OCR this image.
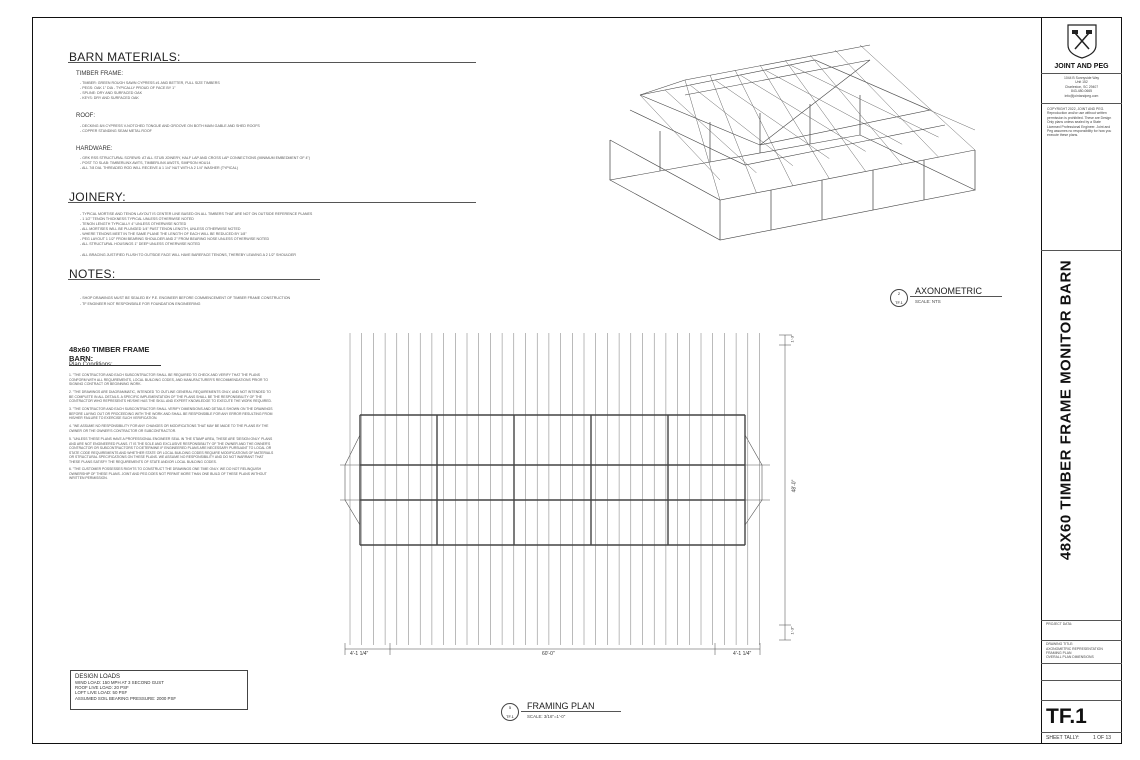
BARN MATERIALS:
TIMBER FRAME:
- TIMBER: GREEN ROUGH SAWN CYPRESS #1 AND BETTER, FULL SIZE TIMBERS
- PEGS: OAK 1" DIA - TYPICALLY PROUD OF FACE BY 1"
- SPLINE: DRY AND SURFACED OAK
- KEYS: DRY AND SURFACED OAK
ROOF:
- DECKING 8/4 CYPRESS V-NOTCHED TONGUE AND GROOVE ON BOTH MAIN GABLE AND SHED ROOFS
- COPPER STANDING SEAM METAL ROOF
HARDWARE:
- GRK RSS STRUCTURAL SCREWS: AT ALL STUB JOINERY, HALF LAP AND CROSS LAP CONNECTIONS (MINIMUM EMBEDMENT OF 4")
- POST TO SLAB: TIMBERLINX AWTS, TIMBERLINX AW2TS, SIMPSON HDU14
- ALL 7/8 DIA. THREADED ROD WILL RECEIVE A 1 1/4" NUT WITH A 2 1/4" WASHER (TYPICAL)
JOINERY:
- TYPICAL MORTISE AND TENON LAYOUT IS CENTER LINE BASED ON ALL TIMBERS THAT ARE NOT ON OUTSIDE REFERENCE PLANES
- 1 1/2" TENON THICKNESS TYPICAL UNLESS OTHERWISE NOTED
- TENON LENGTH TYPICALLY 4" UNLESS OTHERWISE NOTED
- ALL MORTISES WILL BE PLUNGED 1/4" PAST TENON LENGTH, UNLESS OTHERWISE NOTED
- WHERE TENONS MEET IN THE SAME PLANE THE LENGTH OF EACH WILL BE REDUCED BY 1/8"
- PEG LAYOUT 1 1/2" FROM BEARING SHOULDER AND 2" FROM BEARING NOSE UNLESS OTHERWISE NOTED
- ALL STRUCTURAL HOUSINGS 1" DEEP UNLESS OTHERWISE NOTED
- ALL BRACING JUSTIFIED FLUSH TO OUTSIDE FACE WILL HAVE BAREFACE TENONS, THEREBY LEAVING A 2 1/2" SHOULDER
NOTES:
- SHOP DRAWINGS MUST BE SEALED BY P.E. ENGINEER BEFORE COMMENCEMENT OF TIMBER FRAME CONSTRUCTION
- TF ENGINEER NOT RESPONSIBLE FOR FOUNDATION ENGINEERING
48x60 TIMBER FRAME BARN:
Plan Conditions:
1. "THE CONTRACTOR AND EACH SUBCONTRACTOR SHALL BE REQUIRED TO CHECK AND VERIFY THAT THE PLANS CONFORM WITH ALL REQUIREMENTS, LOCAL BUILDING CODES, AND MANUFACTURER'S RECOMMENDATIONS PRIOR TO SIGNING CONTRACT OR BEGINNING WORK.
2. "THE DRAWINGS ARE DIAGRAMMATIC, INTENDED TO OUTLINE GENERAL REQUIREMENTS ONLY, AND NOT INTENDED TO BE COMPLETE IN ALL DETAILS. A SPECIFIC IMPLEMENTATION OF THE PLANS SHALL BE THE RESPONSIBILITY OF THE CONTRACTOR WHO REPRESENTS HE/SHE HAS THE SKILL AND EXPERT KNOWLEDGE TO EXECUTE THE WORK REQUIRED.
3. "THE CONTRACTOR AND EACH SUBCONTRACTOR SHALL VERIFY DIMENSIONS AND DETAILS SHOWN ON THE DRAWINGS BEFORE LAYING OUT OR PROCEEDING WITH THE WORK AND SHALL BE RESPONSIBLE FOR ANY ERROR RESULTING FROM HIS/HER FAILURE TO EXERCISE SUCH VERIFICATION.
4. "WE ASSUME NO RESPONSIBILITY FOR ANY CHANGES OR MODIFICATIONS THAT MAY BE MADE TO THE PLANS BY THE OWNER OR THE OWNER'S CONTRACTOR OR SUBCONTRACTOR.
5. "UNLESS THESE PLANS HAVE A PROFESSIONAL ENGINEER SEAL IN THE STAMP AREA, THESE ARE 'DESIGN ONLY' PLANS AND ARE NOT ENGINEERED PLANS. IT IS THE SOLE AND EXCLUSIVE RESPONSIBILITY OF THE OWNER AND THE OWNER'S CONTRACTOR OR SUBCONTRACTORS TO DETERMINE IF ENGINEERED PLANS ARE NECESSARY PURSUANT TO LOCAL OR STATE CODE REQUIREMENTS AND WHETHER STATE OR LOCAL BUILDING CODES REQUIRE MODIFICATIONS OF MATERIALS OR STRUCTURAL SPECIFICATIONS ON THESE PLANS. WE ASSUME NO RESPONSIBILITY AND DO NOT WARRANT THAT THESE PLANS SATISFY THE REQUIREMENTS OF STATE AND/OR LOCAL BUILDING CODES.
6. "THE CUSTOMER POSSESSES RIGHTS TO CONSTRUCT THE DRAWINGS ONE TIME ONLY. WE DO NOT RELINQUISH OWNERSHIP OF THESE PLANS. JOINT AND PEG DOES NOT PERMIT MORE THAN ONE BUILD OF THESE PLANS WITHOUT WRITTEN PERMISSION.
DESIGN LOADS
WIND LOAD: 150 MPH AT 3 SECOND GUST
ROOF LIVE LOAD: 20 PSF
LOFT LIVE LOAD: 50 PSF
ASSUMED SOIL BEARING PRESSURE: 2000 PSF
2
TF.1
AXONOMETRIC
SCALE: NTS
4'-1 1/4"	60'-0"	4'-1 1/4"
48'-0"
1'-3"
1'-3"
5
TF.1
FRAMING PLAN
SCALE: 3/16"=1'-0"
JOINT AND PEG
1044 B Sunnyside Way
Unit 152
Charleston, SC 29407
843-480-0665
info@jointandpeg.com
COPYRIGHT 2022, JOINT AND PEG. Reproduction and/or use without written permission is prohibited. These are Design Only plans unless sealed by a State Licensed Professional Engineer. Joint and Peg assumes no responsibility for how you execute these plans.
48X60 TIMBER FRAME MONITOR BARN
PROJECT DATA:
DRAWING TITLE:
AXONOMETRIC REPRESENTATION
FRAMING PLAN
OVERALL PLAN DIMENSIONS
TF.1
SHEET TALLY:	1 OF 13
